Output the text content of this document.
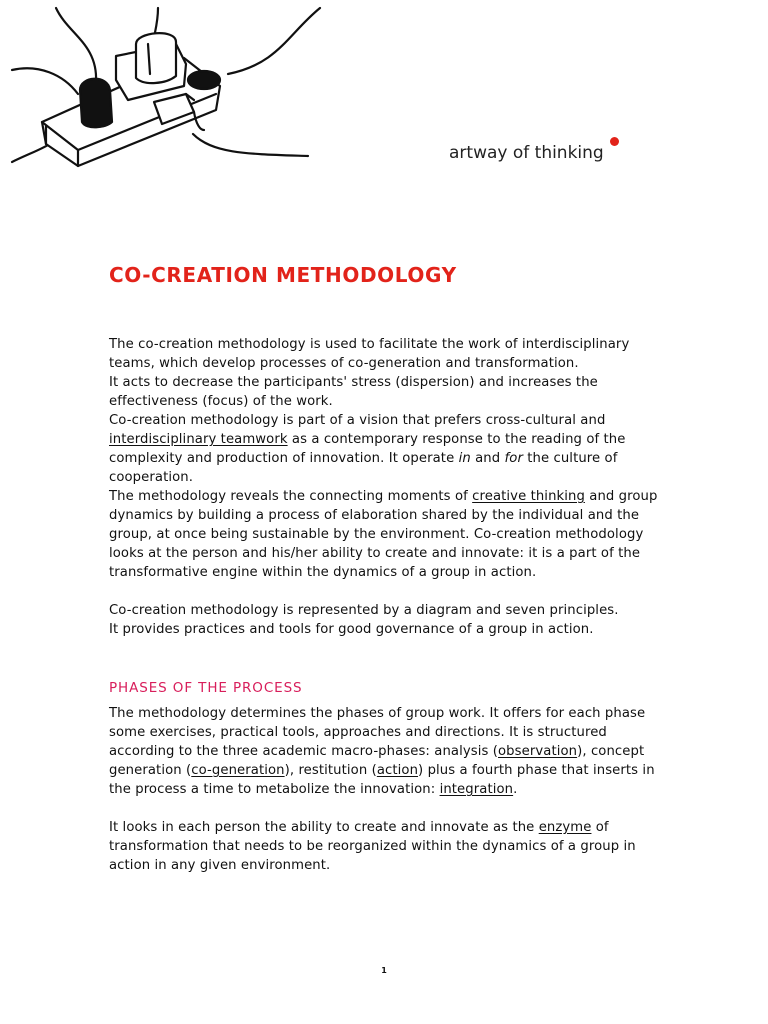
artway of thinking
CO-CREATION METHODOLOGY

The co-creation methodology is used to facilitate the work of interdisciplinary teams, which develop processes of co-generation and transformation.

It acts to decrease the participants' stress (dispersion) and increases the effectiveness (focus) of the work.

Co-creation methodology is part of a vision that prefers cross-cultural and
interdisciplinary teamwork as a contemporary response to the reading of the complexity and production of innovation. It operate in and for the culture of cooperation.

The methodology reveals the connecting moments of creative thinking and group dynamics by building a process of elaboration shared by the individual and the group, at once being sustainable by the environment. Co-creation methodology looks at the person and his/her ability to create and innovate: it is a part of the transformative engine within the dynamics of a group in action.

Co-creation methodology is represented by a diagram and seven principles.

It provides practices and tools for good governance of a group in action.

PHASES OF THE PROCESS

The methodology determines the phases of group work. It offers for each phase some exercises, practical tools, approaches and directions. It is structured according to the three academic macro-phases: analysis (observation), concept generation (co-generation), restitution (action) plus a fourth phase that inserts in the process a time to metabolize the innovation: integration.

It looks in each person the ability to create and innovate as the enzyme of transformation that needs to be reorganized within the dynamics of a group in action in any given environment.

1
